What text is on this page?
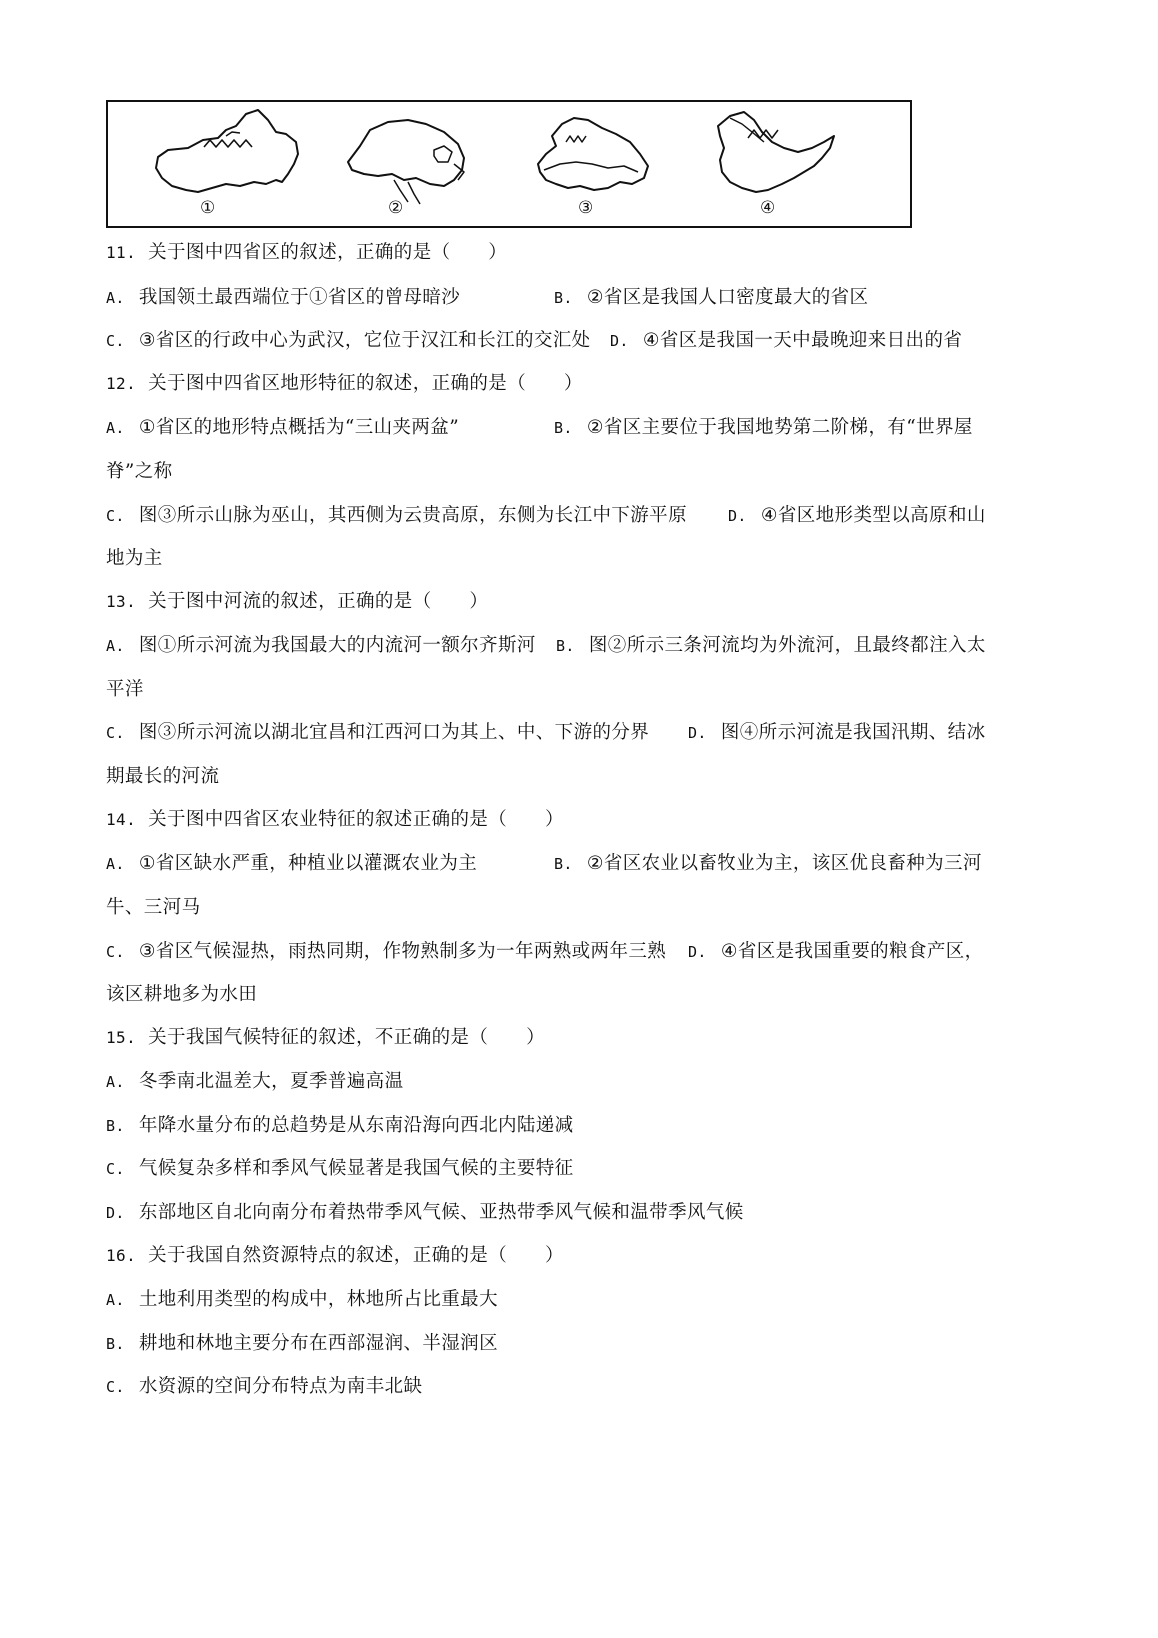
①	②	③	④
11. 关于图中四省区的叙述，正确的是（　　）
A. 我国领土最西端位于①省区的曾母暗沙	B. ②省区是我国人口密度最大的省区
C. ③省区的行政中心为武汉，它位于汉江和长江的交汇处 D. ④省区是我国一天中最晚迎来日出的省
12. 关于图中四省区地形特征的叙述，正确的是（　　）
A. ①省区的地形特点概括为“三山夹两盆”	B. ②省区主要位于我国地势第二阶梯，有“世界屋
脊”之称
C. 图③所示山脉为巫山，其西侧为云贵高原，东侧为长江中下游平原	D. ④省区地形类型以高原和山
地为主
13. 关于图中河流的叙述，正确的是（　　）
A. 图①所示河流为我国最大的内流河一额尔齐斯河 B. 图②所示三条河流均为外流河，且最终都注入太
平洋
C. 图③所示河流以湖北宜昌和江西河口为其上、中、下游的分界	D. 图④所示河流是我国汛期、结冰
期最长的河流
14. 关于图中四省区农业特征的叙述正确的是（　　）
A. ①省区缺水严重，种植业以灌溉农业为主	B. ②省区农业以畜牧业为主，该区优良畜种为三河
牛、三河马
C. ③省区气候湿热，雨热同期，作物熟制多为一年两熟或两年三熟 D. ④省区是我国重要的粮食产区，
该区耕地多为水田
15. 关于我国气候特征的叙述，不正确的是（　　）
A. 冬季南北温差大，夏季普遍高温
B. 年降水量分布的总趋势是从东南沿海向西北内陆递减
C. 气候复杂多样和季风气候显著是我国气候的主要特征
D. 东部地区自北向南分布着热带季风气候、亚热带季风气候和温带季风气候
16. 关于我国自然资源特点的叙述，正确的是（　　）
A. 土地利用类型的构成中，林地所占比重最大
B. 耕地和林地主要分布在西部湿润、半湿润区
C. 水资源的空间分布特点为南丰北缺
